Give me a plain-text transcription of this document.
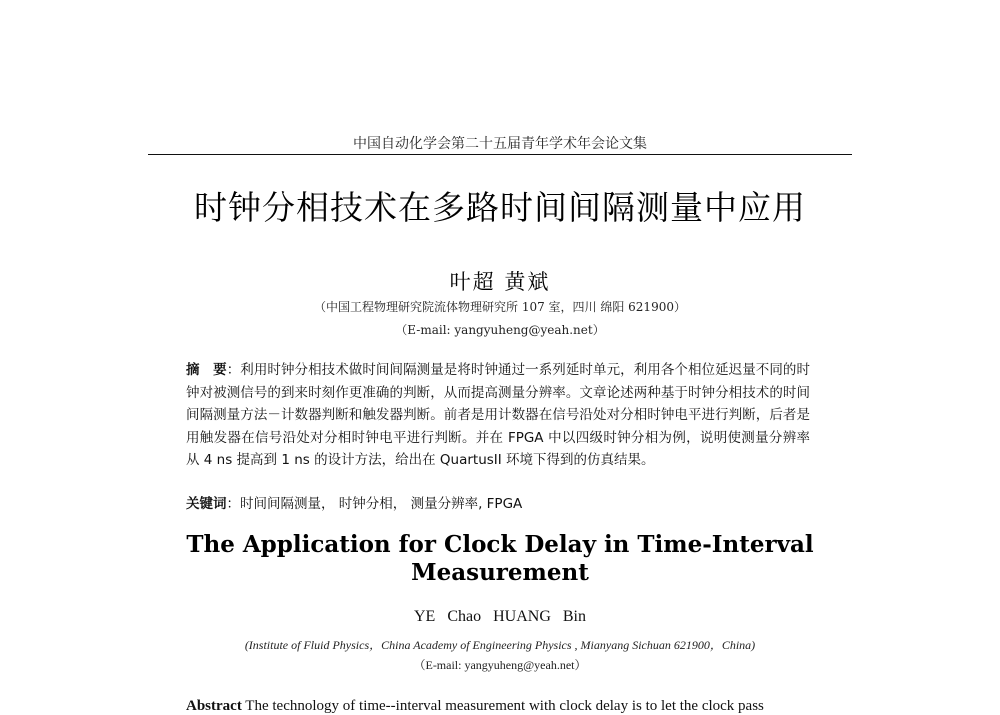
中国自动化学会第二十五届青年学术年会论文集
时钟分相技术在多路时间间隔测量中应用
叶超 黄斌
（中国工程物理研究院流体物理研究所 107 室，四川 绵阳 621900）
（E-mail: yangyuheng@yeah.net）
摘　要：利用时钟分相技术做时间间隔测量是将时钟通过一系列延时单元，利用各个相位延迟量不同的时钟对被测信号的到来时刻作更准确的判断，从而提高测量分辨率。文章论述两种基于时钟分相技术的时间间隔测量方法－计数器判断和触发器判断。前者是用计数器在信号沿处对分相时钟电平进行判断，后者是用触发器在信号沿处对分相时钟电平进行判断。并在 FPGA 中以四级时钟分相为例，说明使测量分辨率从 4 ns 提高到 1 ns 的设计方法，给出在 QuartusII 环境下得到的仿真结果。
关键词：时间间隔测量， 时钟分相， 测量分辨率, FPGA
The Application for Clock Delay in Time-Interval Measurement
YE Chao HUANG Bin
(Institute of Fluid Physics，China Academy of Engineering Physics , Mianyang Sichuan 621900，China)
（E-mail: yangyuheng@yeah.net）
Abstract The technology of time--interval measurement with clock delay is to let the clock pass
